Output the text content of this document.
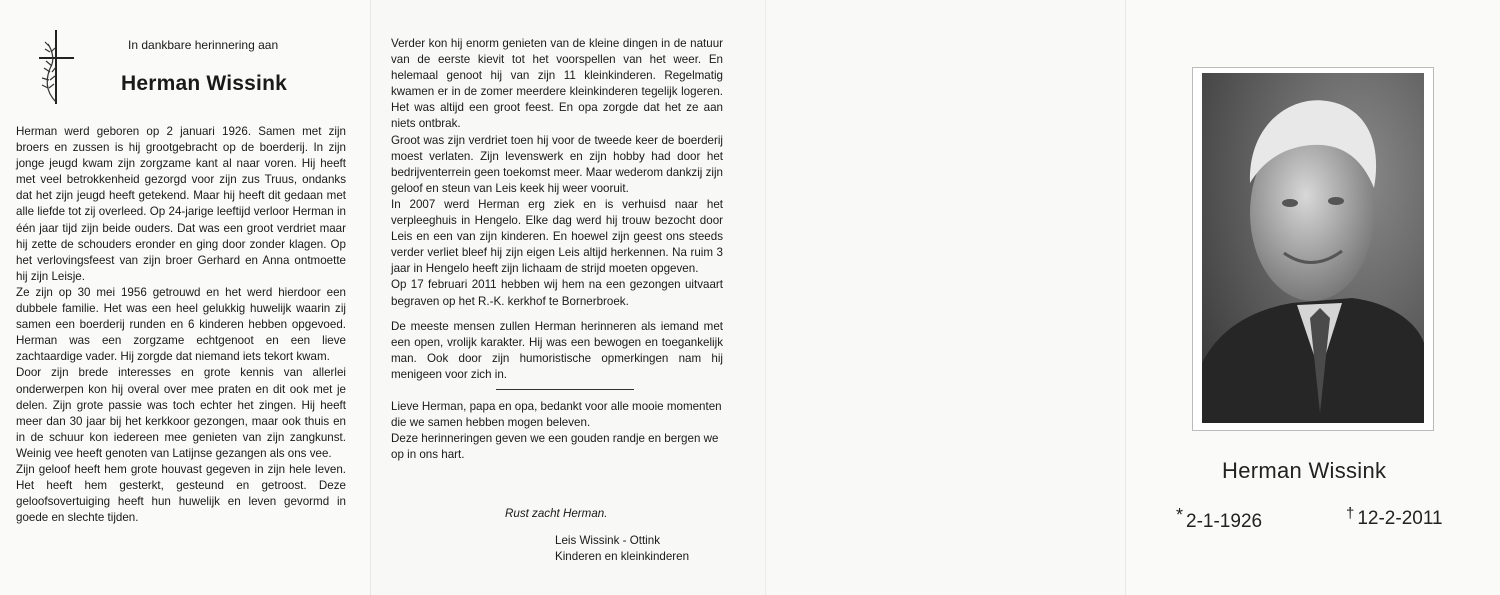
In dankbare herinnering aan
Herman Wissink

Herman werd geboren op 2 januari 1926. Samen met zijn broers en zussen is hij grootgebracht op de boerderij. In zijn jonge jeugd kwam zijn zorgzame kant al naar voren. Hij heeft met veel betrokkenheid gezorgd voor zijn zus Truus, ondanks dat het zijn jeugd heeft getekend. Maar hij heeft dit gedaan met alle liefde tot zij overleed. Op 24-jarige leeftijd verloor Herman in één jaar tijd zijn beide ouders. Dat was een groot verdriet maar hij zette de schouders eronder en ging door zonder klagen. Op het verlovingsfeest van zijn broer Gerhard en Anna ontmoette hij zijn Leisje.

Ze zijn op 30 mei 1956 getrouwd en het werd hierdoor een dubbele familie. Het was een heel gelukkig huwelijk waarin zij samen een boerderij runden en 6 kinderen hebben opgevoed. Herman was een zorgzame echtgenoot en een lieve zachtaardige vader. Hij zorgde dat niemand iets tekort kwam.

Door zijn brede interesses en grote kennis van allerlei onderwerpen kon hij overal over mee praten en dit ook met je delen. Zijn grote passie was toch echter het zingen. Hij heeft meer dan 30 jaar bij het kerkkoor gezongen, maar ook thuis en in de schuur kon iedereen mee genieten van zijn zangkunst. Weinig vee heeft genoten van Latijnse gezangen als ons vee.

Zijn geloof heeft hem grote houvast gegeven in zijn hele leven. Het heeft hem gesterkt, gesteund en getroost. Deze geloofsovertuiging heeft hun huwelijk en leven gevormd in goede en slechte tijden.

Verder kon hij enorm genieten van de kleine dingen in de natuur van de eerste kievit tot het voorspellen van het weer. En helemaal genoot hij van zijn 11 kleinkinderen. Regelmatig kwamen er in de zomer meerdere kleinkinderen tegelijk logeren. Het was altijd een groot feest. En opa zorgde dat het ze aan niets ontbrak.

Groot was zijn verdriet toen hij voor de tweede keer de boerderij moest verlaten. Zijn levenswerk en zijn hobby had door het bedrijventerrein geen toekomst meer. Maar wederom dankzij zijn geloof en steun van Leis keek hij weer vooruit.

In 2007 werd Herman erg ziek en is verhuisd naar het verpleeghuis in Hengelo. Elke dag werd hij trouw bezocht door Leis en een van zijn kinderen. En hoewel zijn geest ons steeds verder verliet bleef hij zijn eigen Leis altijd herkennen. Na ruim 3 jaar in Hengelo heeft zijn lichaam de strijd moeten opgeven.

Op 17 februari 2011 hebben wij hem na een gezongen uitvaart begraven op het R.-K. kerkhof te Bornerbroek.

De meeste mensen zullen Herman herinneren als iemand met een open, vrolijk karakter. Hij was een bewogen en toegankelijk man. Ook door zijn humoristische opmerkingen nam hij menigeen voor zich in.

Lieve Herman, papa en opa, bedankt voor alle mooie momenten die we samen hebben mogen beleven.

Deze herinneringen geven we een gouden randje en bergen we op in ons hart.

Rust zacht Herman.
Leis Wissink - Ottink
Kinderen en kleinkinderen
Herman Wissink
* 2-1-1926	† 12-2-2011
